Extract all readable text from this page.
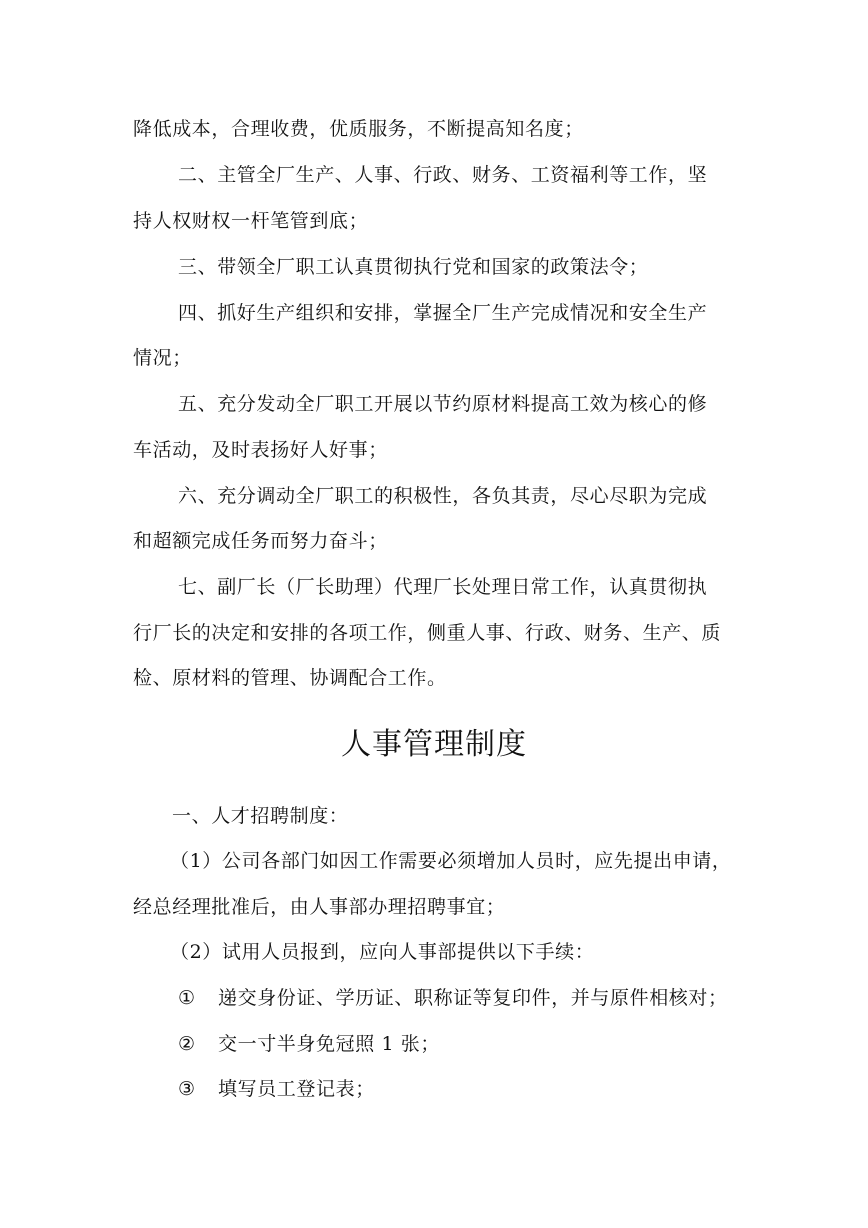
降低成本，合理收费，优质服务，不断提高知名度；
二、主管全厂生产、人事、行政、财务、工资福利等工作，坚
持人权财权一杆笔管到底；
三、带领全厂职工认真贯彻执行党和国家的政策法令；
四、抓好生产组织和安排，掌握全厂生产完成情况和安全生产
情况；
五、充分发动全厂职工开展以节约原材料提高工效为核心的修
车活动，及时表扬好人好事；
六、充分调动全厂职工的积极性，各负其责，尽心尽职为完成
和超额完成任务而努力奋斗；
七、副厂长（厂长助理）代理厂长处理日常工作，认真贯彻执
行厂长的决定和安排的各项工作，侧重人事、行政、财务、生产、质
检、原材料的管理、协调配合工作。
人事管理制度
一、人才招聘制度：
（1）公司各部门如因工作需要必须增加人员时，应先提出申请，
经总经理批准后，由人事部办理招聘事宜；
（2）试用人员报到，应向人事部提供以下手续：
① 递交身份证、学历证、职称证等复印件，并与原件相核对；
② 交一寸半身免冠照 1 张；
③ 填写员工登记表；
